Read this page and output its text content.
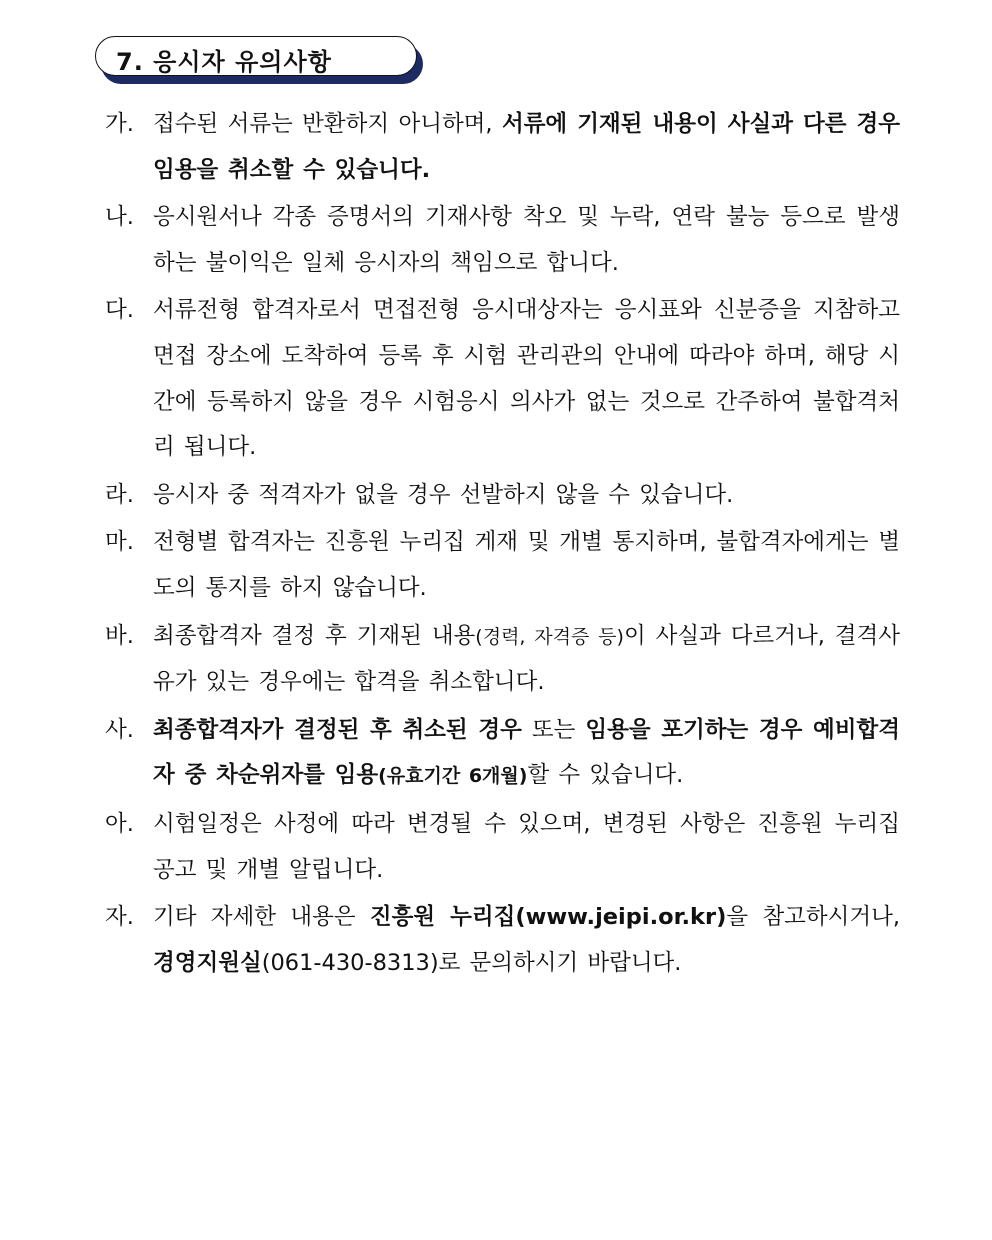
7. 응시자 유의사항
가. 접수된 서류는 반환하지 아니하며, 서류에 기재된 내용이 사실과 다른 경우 임용을 취소할 수 있습니다.
나. 응시원서나 각종 증명서의 기재사항 착오 및 누락, 연락 불능 등으로 발생하는 불이익은 일체 응시자의 책임으로 합니다.
다. 서류전형 합격자로서 면접전형 응시대상자는 응시표와 신분증을 지참하고 면접 장소에 도착하여 등록 후 시험 관리관의 안내에 따라야 하며, 해당 시간에 등록하지 않을 경우 시험응시 의사가 없는 것으로 간주하여 불합격처리 됩니다.
라. 응시자 중 적격자가 없을 경우 선발하지 않을 수 있습니다.
마. 전형별 합격자는 진흥원 누리집 게재 및 개별 통지하며, 불합격자에게는 별도의 통지를 하지 않습니다.
바. 최종합격자 결정 후 기재된 내용(경력, 자격증 등)이 사실과 다르거나, 결격사유가 있는 경우에는 합격을 취소합니다.
사. 최종합격자가 결정된 후 취소된 경우 또는 임용을 포기하는 경우 예비합격자 중 차순위자를 임용(유효기간 6개월)할 수 있습니다.
아. 시험일정은 사정에 따라 변경될 수 있으며, 변경된 사항은 진흥원 누리집 공고 및 개별 알립니다.
자. 기타 자세한 내용은 진흥원 누리집(www.jeipi.or.kr)을 참고하시거나, 경영지원실(061-430-8313)로 문의하시기 바랍니다.
